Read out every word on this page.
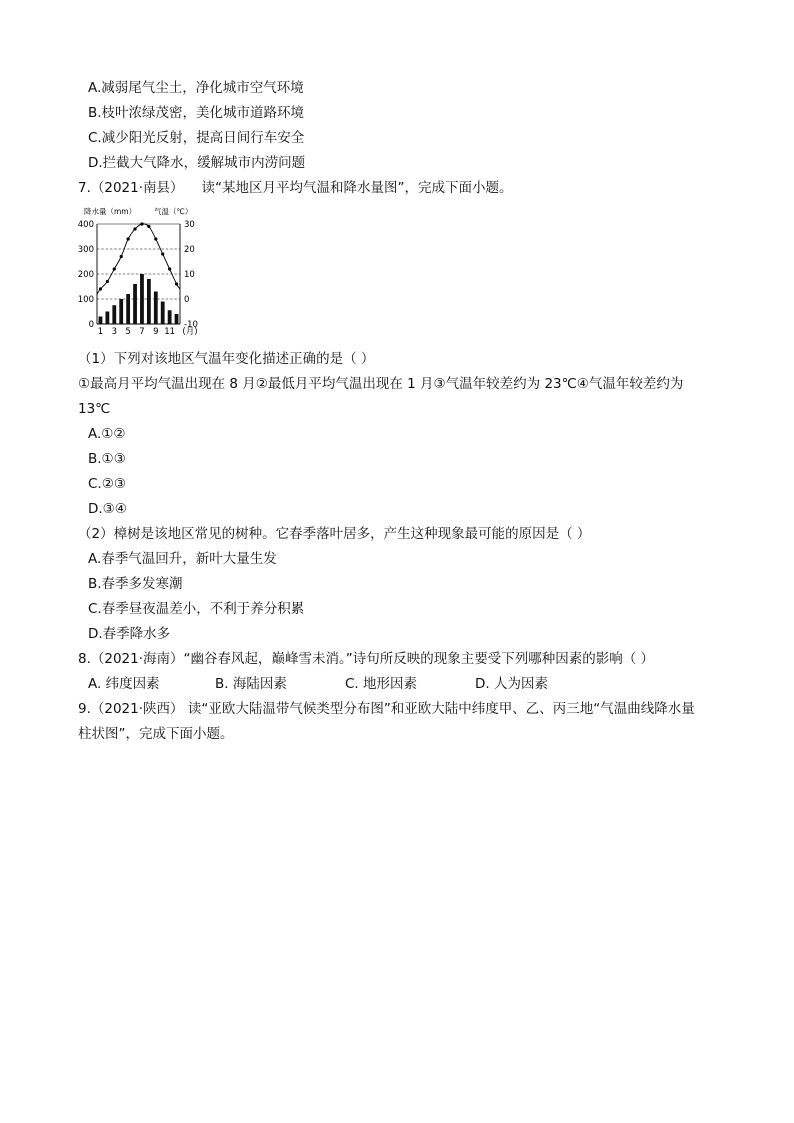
A.减弱尾气尘土，净化城市空气环境
B.枝叶浓绿茂密，美化城市道路环境
C.减少阳光反射，提高日间行车安全
D.拦截大气降水，缓解城市内涝问题
7.（2021·南县） 读“某地区月平均气温和降水量图”，完成下面小题。
降水量（mm） 气温（℃）
400
300
200
100
0
30
20
10
0
-10
1 3 5 7 9 11 (月)
（1）下列对该地区气温年变化描述正确的是（ ）
①最高月平均气温出现在 8 月②最低月平均气温出现在 1 月③气温年较差约为 23℃④气温年较差约为
13℃
A.①②
B.①③
C.②③
D.③④
（2）樟树是该地区常见的树种。它春季落叶居多，产生这种现象最可能的原因是（ ）
A.春季气温回升，新叶大量生发
B.春季多发寒潮
C.春季昼夜温差小，不利于养分积累
D.春季降水多
8.（2021·海南）“幽谷春风起，巅峰雪未消。”诗句所反映的现象主要受下列哪种因素的影响（ ）
A. 纬度因素	B. 海陆因素	C. 地形因素	D. 人为因素
9.（2021·陕西） 读“亚欧大陆温带气候类型分布图”和亚欧大陆中纬度甲、乙、丙三地“气温曲线降水量
柱状图”，完成下面小题。
